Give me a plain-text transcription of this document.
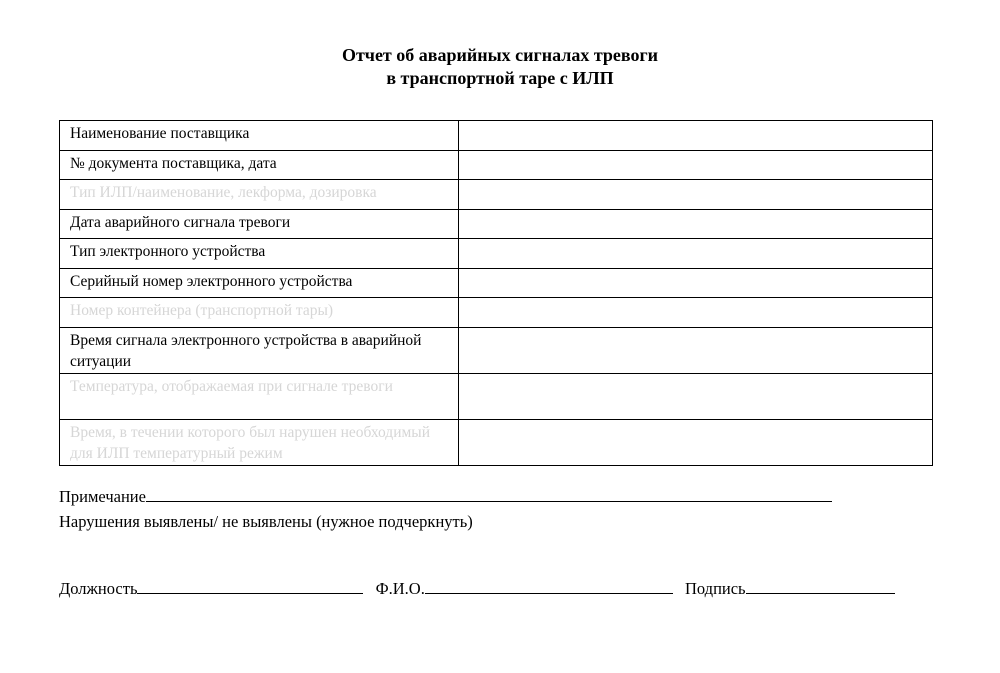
Отчет об аварийных сигналах тревоги
в транспортной таре с ИЛП
Наименование поставщика	
№ документа поставщика, дата	
Тип ИЛП/наименование, лекформа, дозировка	
Дата аварийного сигнала тревоги	
Тип электронного устройства	
Серийный номер электронного устройства	
Номер контейнера (транспортной тары)	
Время сигнала электронного устройства в аварийной ситуации	
Температура, отображаемая при сигнале тревоги	
Время, в течении которого был нарушен необходимый для ИЛП температурный режим	
Примечание
Нарушения выявлены/ не выявлены (нужное подчеркнуть)
Должность	Ф.И.О.	Подпись
